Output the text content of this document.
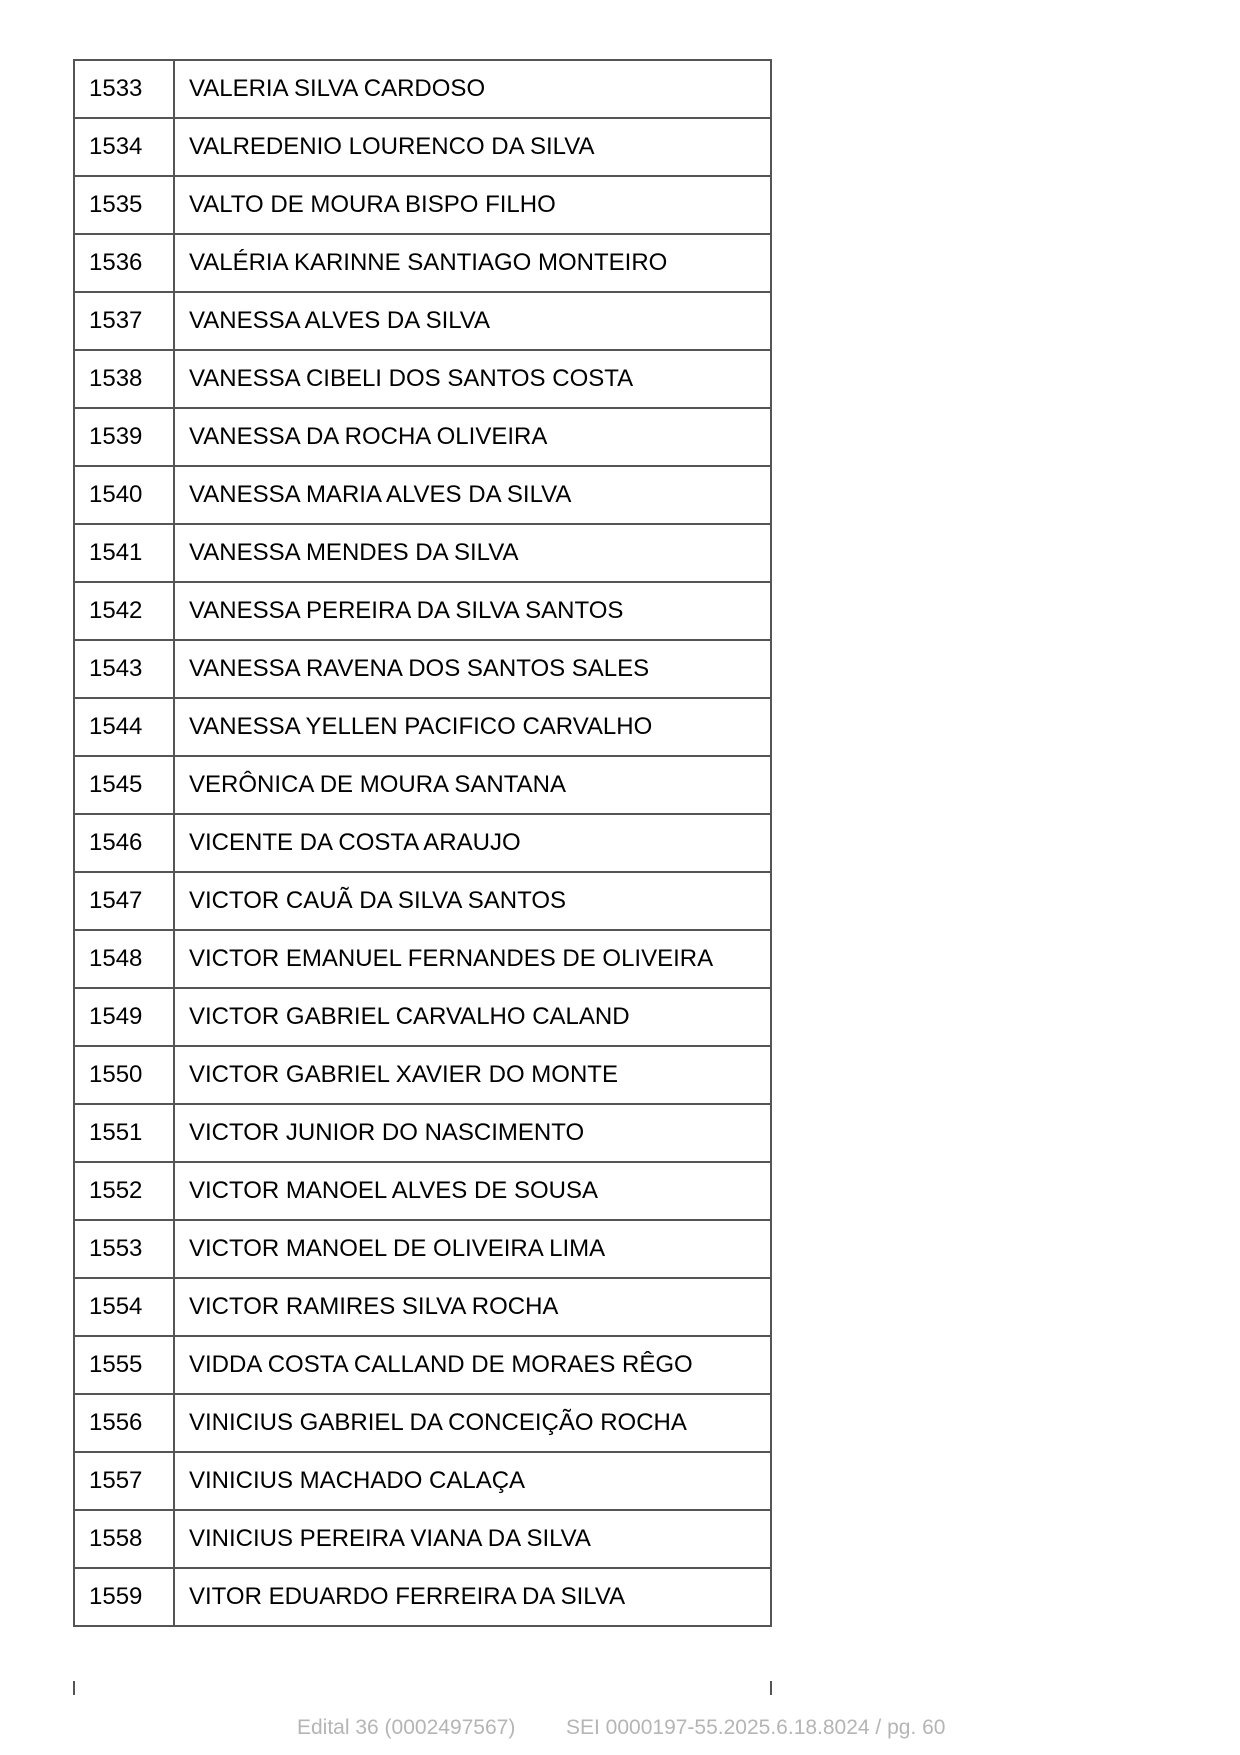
1533	VALERIA SILVA CARDOSO
1534	VALREDENIO LOURENCO DA SILVA
1535	VALTO DE MOURA BISPO FILHO
1536	VALÉRIA KARINNE SANTIAGO MONTEIRO
1537	VANESSA ALVES DA SILVA
1538	VANESSA CIBELI DOS SANTOS COSTA
1539	VANESSA DA ROCHA OLIVEIRA
1540	VANESSA MARIA ALVES DA SILVA
1541	VANESSA MENDES DA SILVA
1542	VANESSA PEREIRA DA SILVA SANTOS
1543	VANESSA RAVENA DOS SANTOS SALES
1544	VANESSA YELLEN PACIFICO CARVALHO
1545	VERÔNICA DE MOURA SANTANA
1546	VICENTE DA COSTA ARAUJO
1547	VICTOR CAUÃ DA SILVA SANTOS
1548	VICTOR EMANUEL FERNANDES DE OLIVEIRA
1549	VICTOR GABRIEL CARVALHO CALAND
1550	VICTOR GABRIEL XAVIER DO MONTE
1551	VICTOR JUNIOR DO NASCIMENTO
1552	VICTOR MANOEL ALVES DE SOUSA
1553	VICTOR MANOEL DE OLIVEIRA LIMA
1554	VICTOR RAMIRES SILVA ROCHA
1555	VIDDA COSTA CALLAND DE MORAES RÊGO
1556	VINICIUS GABRIEL DA CONCEIÇÃO ROCHA
1557	VINICIUS MACHADO CALAÇA
1558	VINICIUS PEREIRA VIANA DA SILVA
1559	VITOR EDUARDO FERREIRA DA SILVA
Edital 36 (0002497567) SEI 0000197-55.2025.6.18.8024 / pg. 60
